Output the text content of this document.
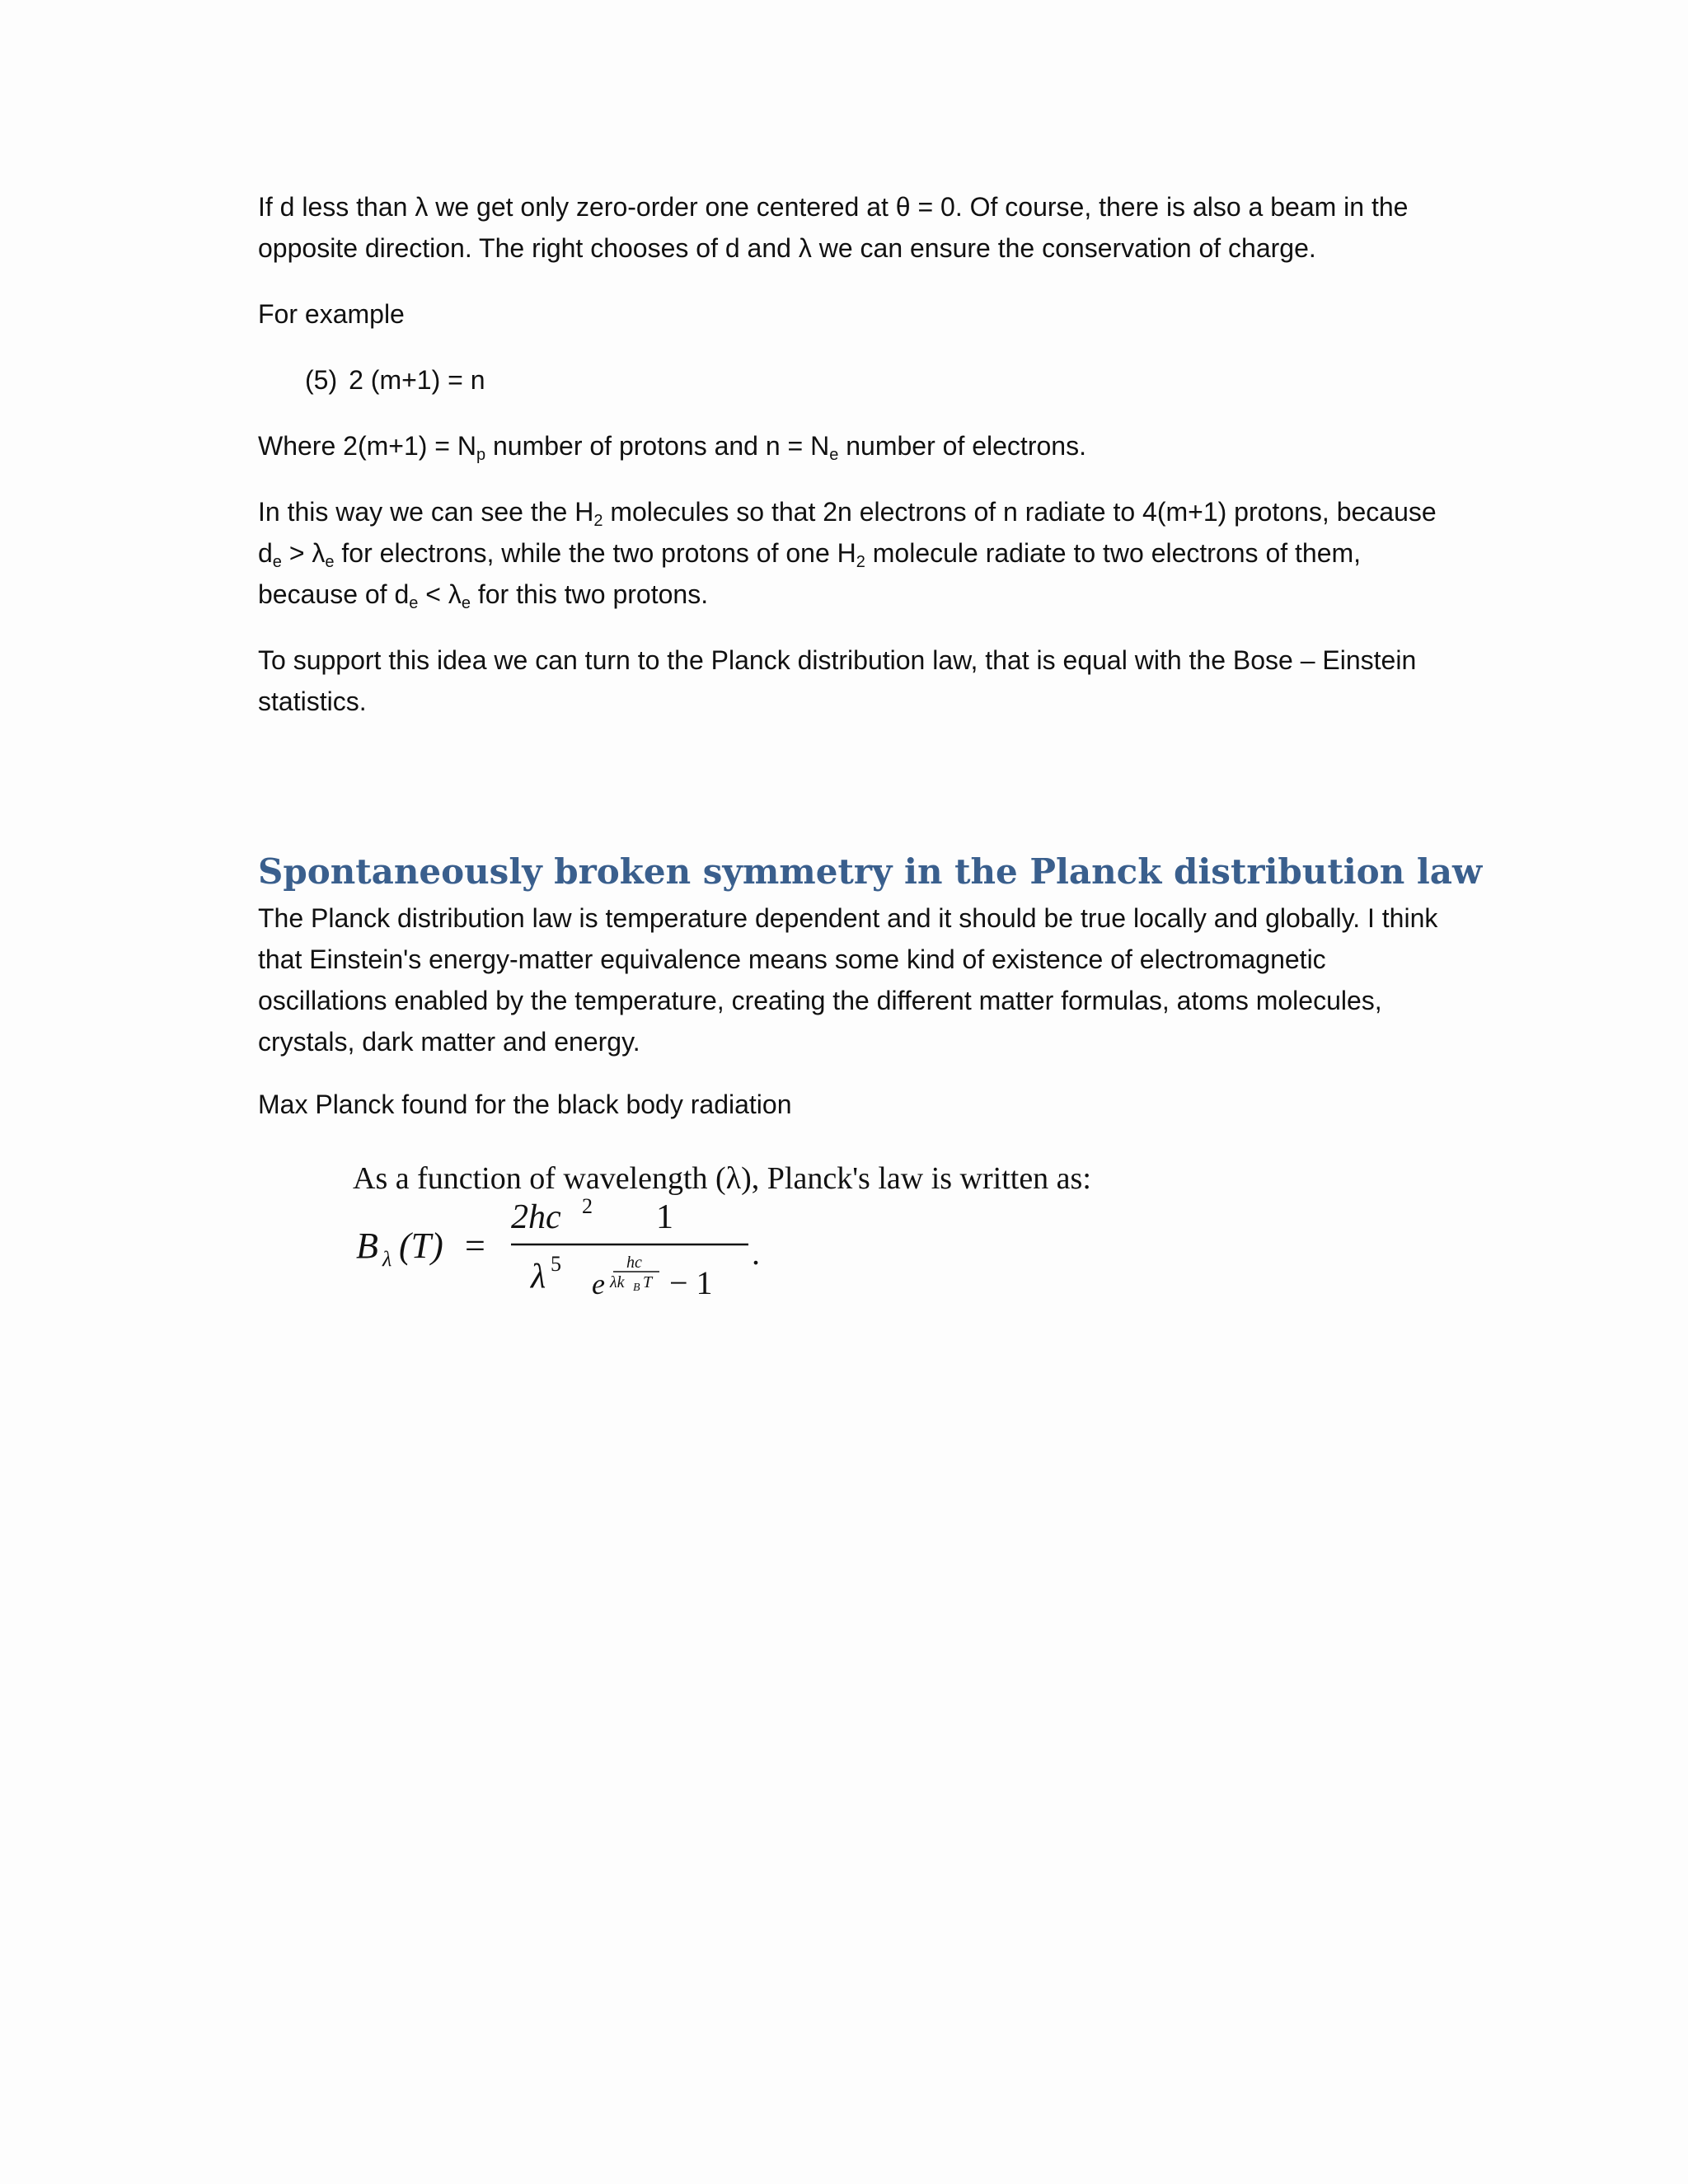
If d less than λ we get only zero-order one centered at θ = 0. Of course, there is also a beam in the opposite direction. The right chooses of d and λ we can ensure the conservation of charge.

For example

(5) 2 (m+1) = n

Where $2(m+1) = N_p$ number of protons and $n = N_e$ number of electrons.

In this way we can see the $H_2$ molecules so that 2n electrons of n radiate to 4(m+1) protons, because $d_e > \lambda_e$ for electrons, while the two protons of one $H_2$ molecule radiate to two electrons of them, because of $d_e < \lambda_e$ for this two protons.

To support this idea we can turn to the Planck distribution law, that is equal with the Bose – Einstein statistics.

Spontaneously broken symmetry in the Planck distribution law

The Planck distribution law is temperature dependent and it should be true locally and globally. I think that Einstein's energy-matter equivalence means some kind of existence of electromagnetic oscillations enabled by the temperature, creating the different matter formulas, atoms molecules, crystals, dark matter and energy.

Max Planck found for the black body radiation

As a function of wavelength (λ), Planck's law is written as:
B λ (T) =
2hc 2
λ 5
1
e
hc
λk B T − 1
.
